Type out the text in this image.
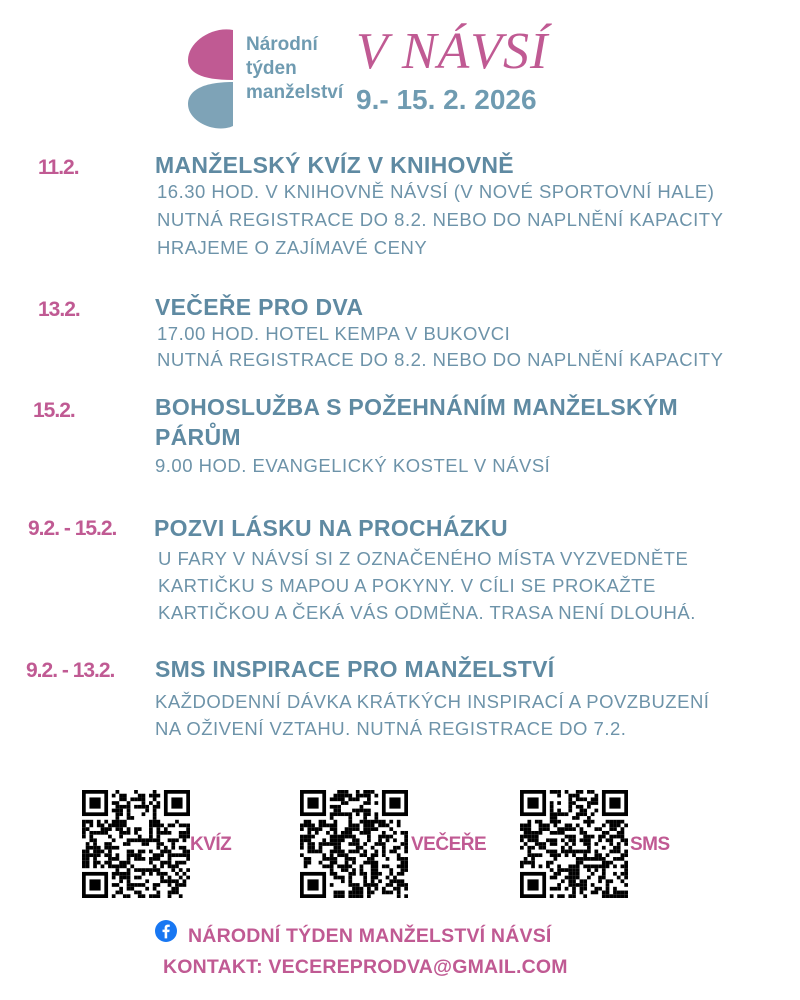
Národní
týden
manželství
V NÁVSÍ
9.- 15. 2. 2026
11.2.	MANŽELSKÝ KVÍZ V KNIHOVNĚ
16.30 HOD. V KNIHOVNĚ NÁVSÍ (V NOVÉ SPORTOVNÍ HALE)
NUTNÁ REGISTRACE DO 8.2. NEBO DO NAPLNĚNÍ KAPACITY
HRAJEME O ZAJÍMAVÉ CENY
13.2.	VEČEŘE PRO DVA
17.00 HOD. HOTEL KEMPA V BUKOVCI
NUTNÁ REGISTRACE DO 8.2. NEBO DO NAPLNĚNÍ KAPACITY
15.2.	BOHOSLUŽBA S POŽEHNÁNÍM MANŽELSKÝM
PÁRŮM
9.00 HOD. EVANGELICKÝ KOSTEL V NÁVSÍ
9.2. - 15.2. POZVI LÁSKU NA PROCHÁZKU
U FARY V NÁVSÍ SI Z OZNAČENÉHO MÍSTA VYZVEDNĚTE
KARTIČKU S MAPOU A POKYNY. V CÍLI SE PROKAŽTE
KARTIČKOU A ČEKÁ VÁS ODMĚNA. TRASA NENÍ DLOUHÁ.
9.2. - 13.2. SMS INSPIRACE PRO MANŽELSTVÍ
KAŽDODENNÍ DÁVKA KRÁTKÝCH INSPIRACÍ A POVZBUZENÍ
NA OŽIVENÍ VZTAHU. NUTNÁ REGISTRACE DO 7.2.
KVÍZ	VEČEŘE	SMS
NÁRODNÍ TÝDEN MANŽELSTVÍ NÁVSÍ
KONTAKT: VECEREPRODVA@GMAIL.COM
